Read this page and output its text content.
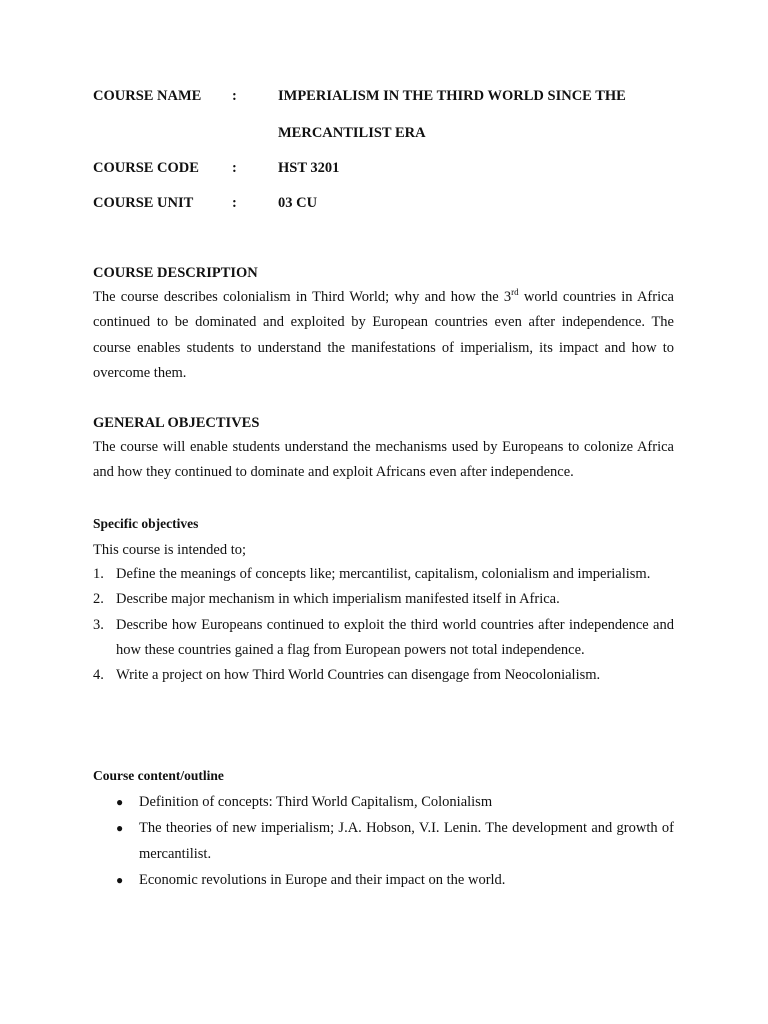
COURSE NAME	:	IMPERIALISM IN THE THIRD WORLD SINCE THE
MERCANTILIST ERA
COURSE CODE	:	HST 3201
COURSE UNIT	:	03 CU
COURSE DESCRIPTION
The course describes colonialism in Third World; why and how the 3rd world countries in Africa continued to be dominated and exploited by European countries even after independence. The course enables students to understand the manifestations of imperialism, its impact and how to overcome them.
GENERAL OBJECTIVES
The course will enable students understand the mechanisms used by Europeans to colonize Africa and how they continued to dominate and exploit Africans even after independence.
Specific objectives
This course is intended to;
1. Define the meanings of concepts like; mercantilist, capitalism, colonialism and imperialism.
2. Describe major mechanism in which imperialism manifested itself in Africa.
3. Describe how Europeans continued to exploit the third world countries after independence and how these countries gained a flag from European powers not total independence.
4. Write a project on how Third World Countries can disengage from Neocolonialism.
Course content/outline
● Definition of concepts: Third World Capitalism, Colonialism
● The theories of new imperialism; J.A. Hobson, V.I. Lenin. The development and growth of mercantilist.
● Economic revolutions in Europe and their impact on the world.
